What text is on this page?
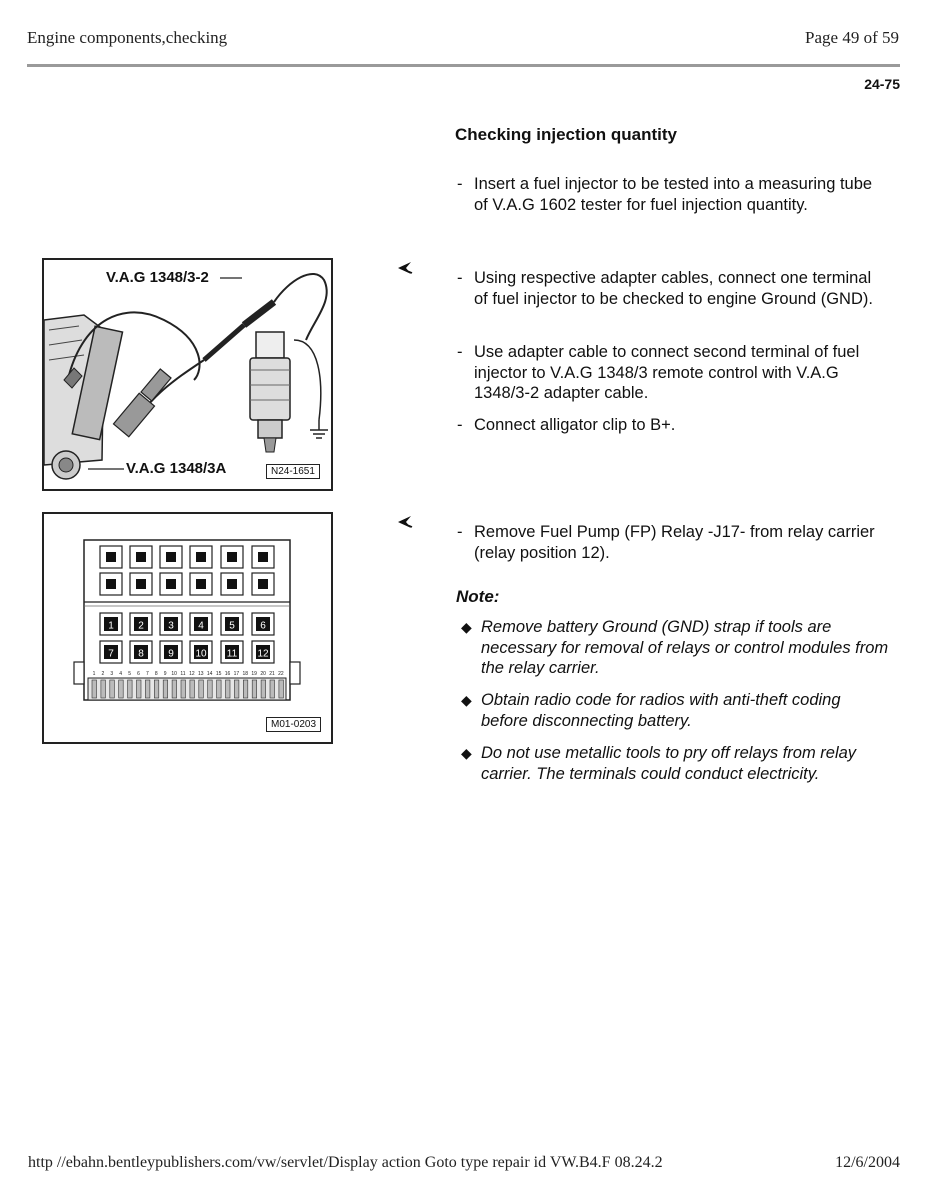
Engine components,checking	Page 49 of 59
24-75
Checking injection quantity
- Insert a fuel injector to be tested into a measuring tube of V.A.G 1602 tester for fuel injection quantity.
- Using respective adapter cables, connect one terminal of fuel injector to be checked to engine Ground (GND).
- Use adapter cable to connect second terminal of fuel injector to V.A.G 1348/3 remote control with V.A.G 1348/3-2 adapter cable.
- Connect alligator clip to B+.
V.A.G 1348/3-2
V.A.G 1348/3A	N24-1651
- Remove Fuel Pump (FP) Relay -J17- from relay carrier (relay position 12).
1 2 3 4	5	6
7 8 9 10 11 12
1 2 3 4 5 6 7 8 9 10 11 12 13 14 15 16 17 18 19 20 21 22
M01-0203
Note:
◆ Remove battery Ground (GND) strap if tools are necessary for removal of relays or control modules from the relay carrier.
◆ Obtain radio code for radios with anti-theft coding before disconnecting battery.
◆ Do not use metallic tools to pry off relays from relay carrier. The terminals could conduct electricity.
http //ebahn.bentleypublishers.com/vw/servlet/Display action Goto type repair id VW.B4.F 08.24.2	12/6/2004
